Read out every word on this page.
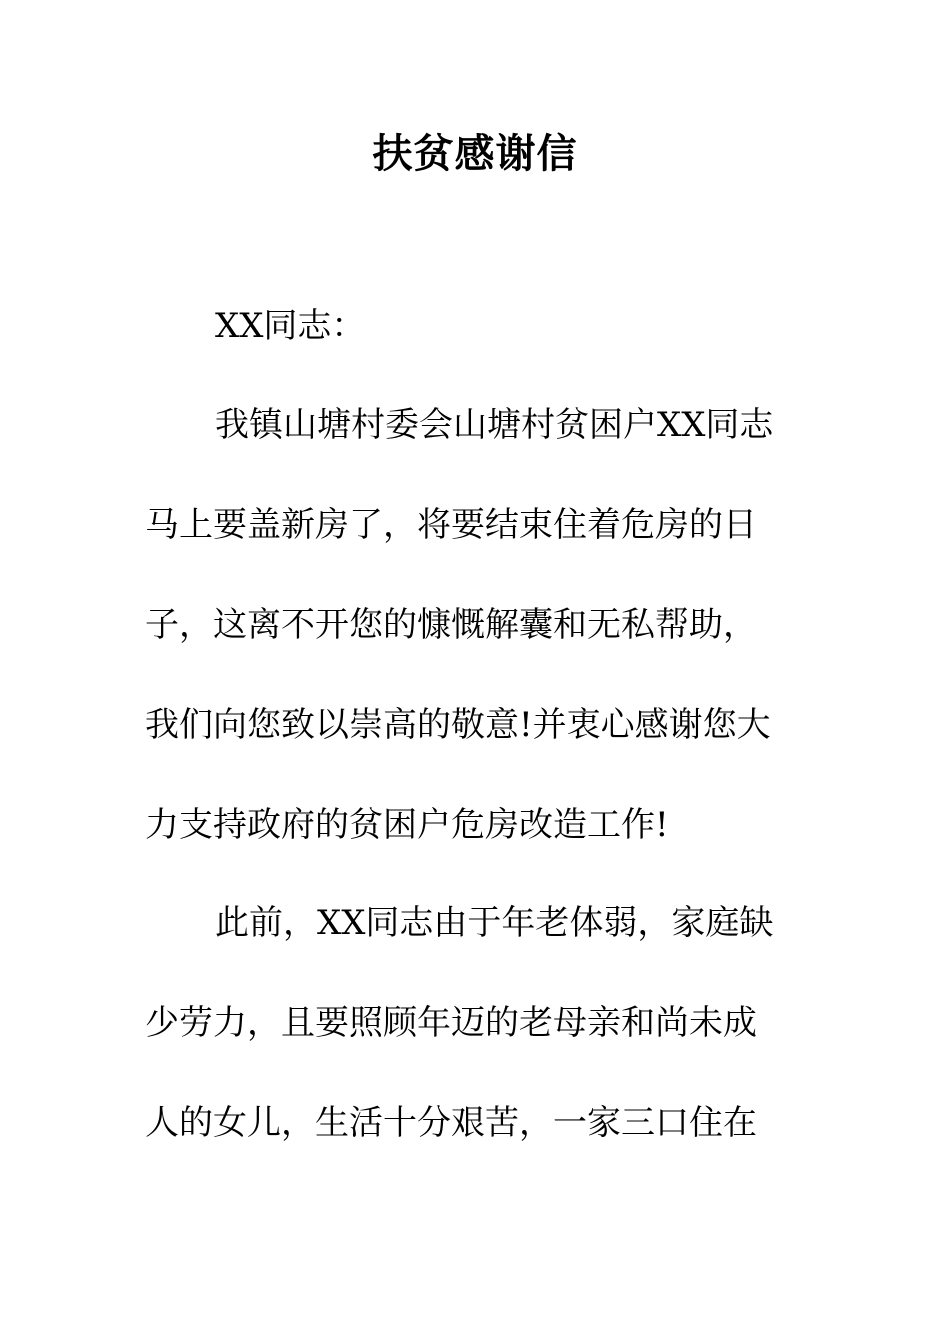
扶贫感谢信
XX同志：
我镇山塘村委会山塘村贫困户XX同志
马上要盖新房了，将要结束住着危房的日
子，这离不开您的慷慨解囊和无私帮助，
我们向您致以崇高的敬意!并衷心感谢您大
力支持政府的贫困户危房改造工作!
此前，XX同志由于年老体弱，家庭缺
少劳力，且要照顾年迈的老母亲和尚未成
人的女儿，生活十分艰苦，一家三口住在
